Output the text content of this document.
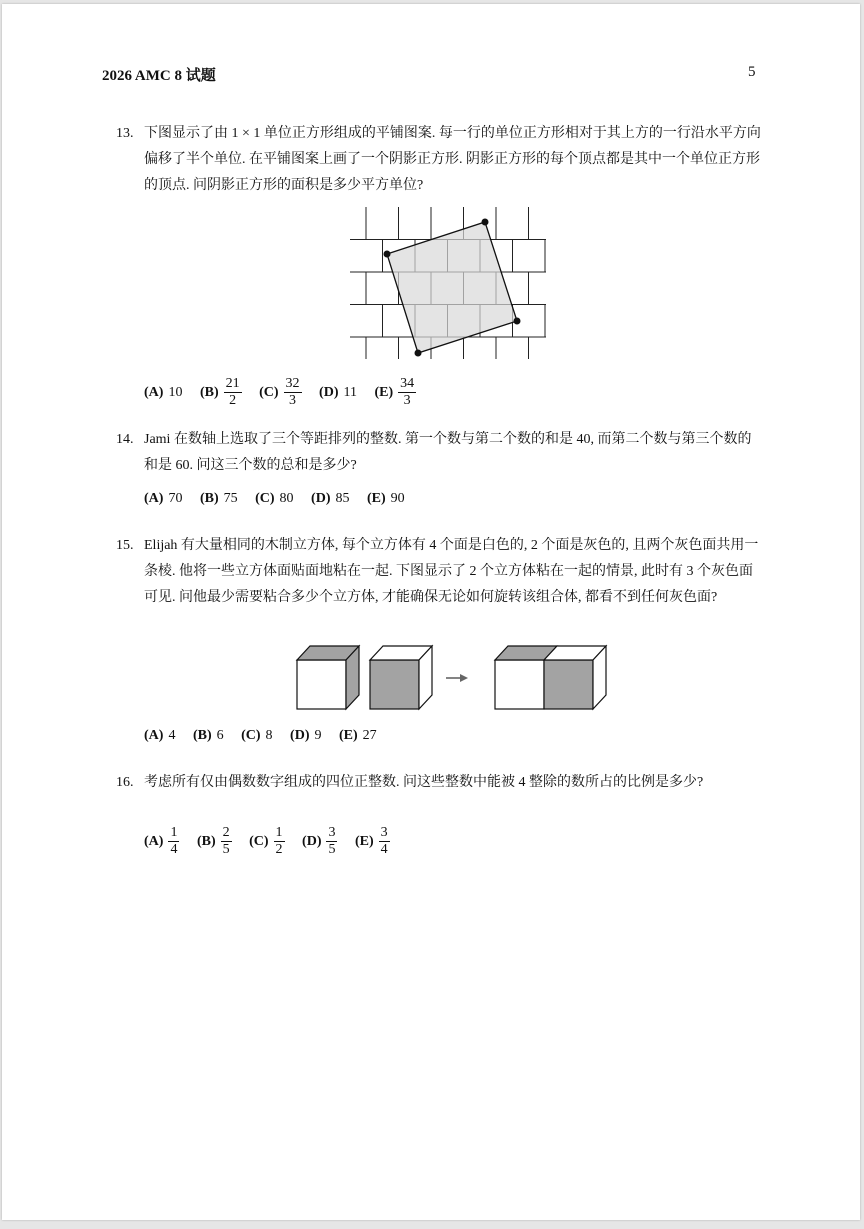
2026 AMC 8 试题	5
13. 下图显示了由 1 × 1 单位正方形组成的平铺图案. 每一行的单位正方形相对于其上方的一行沿水平方向偏移了半个单位. 在平铺图案上画了一个阴影正方形. 阴影正方形的每个顶点都是其中一个单位正方形的顶点. 问阴影正方形的面积是多少平方单位?
(A) 10 $(B) \frac{21}{2} (C) \frac{32}{3} (D)$ 11 $(E) \frac{34}{3}$
14. Jami 在数轴上选取了三个等距排列的整数. 第一个数与第二个数的和是 40, 而第二个数与第三个数的和是 60. 问这三个数的总和是多少?
(A) 70 (B) 75 (C) 80 (D) 85 (E) 90
15. Elijah 有大量相同的木制立方体, 每个立方体有 4 个面是白色的, 2 个面是灰色的, 且两个灰色面共用一条棱. 他将一些立方体面贴面地粘在一起. 下图显示了 2 个立方体粘在一起的情景, 此时有 3 个灰色面可见. 问他最少需要粘合多少个立方体, 才能确保无论如何旋转该组合体, 都看不到任何灰色面?
(A) 4 (B) 6 (C) 8 (D) 9 (E) 27
16. 考虑所有仅由偶数数字组成的四位正整数. 问这些整数中能被 4 整除的数所占的比例是多少?
$(A) \frac{1}{4} (B) \frac{2}{5} (C) \frac{1}{2} (D) \frac{3}{5} (E) \frac{3}{4}$
